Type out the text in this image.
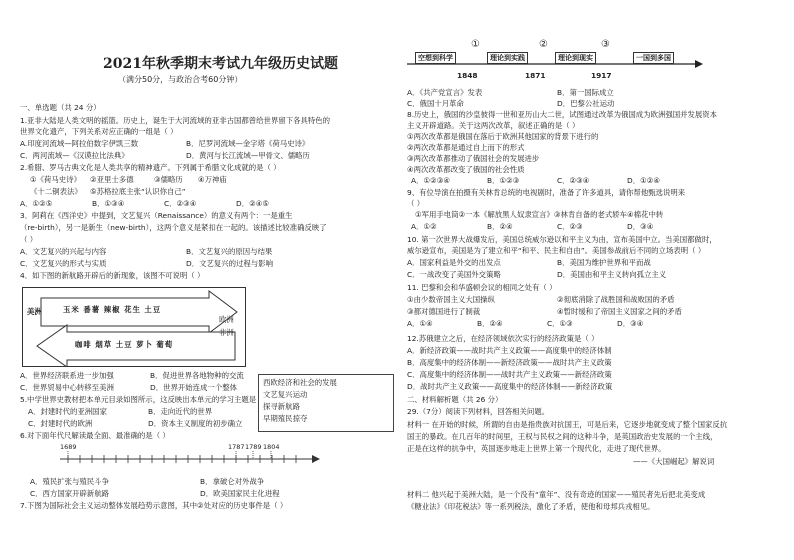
2021年秋季期末考试九年级历史试题
（满分50分，与政治合考60分钟）
一、单选题（共 24 分）
1.亚非大陆是人类文明的摇篮。历史上，诞生于大河流域的亚非古国都曾给世界留下各具特色的
世界文化遗产，下列关系对应正确的一组是（ ）
A.印度河流域—阿拉伯数字伊凯三数	B．尼罗河流域—金字塔《荷马史诗》
C．两河流域—《汉谟拉比法典》	D．黄河与长江流域—甲骨文、儒略历
2.希腊、罗马古典文化是人类共享的精神遗产。下列属于希腊文化成就的是（ ）
①《荷马史诗》 ②亚里士多德	③儒略历 ④万神庙
《十二铜表法》 ⑤苏格拉底主张“认识你自己”
A．①②⑤	B．①③④	C．②③④	D．②④⑤
3．阿莉在《西洋史》中提到，文艺复兴（Renaissance）的意义有两个：一是重生
（re-birth），另一是新生（new-birth），这两个意义是紧扣在一起的。该描述比较准确反映了
（ ）
A．文艺复兴的兴起与内容	B．文艺复兴的原因与结果
C．文艺复兴的形式与实质	D．文艺复兴的过程与影响
4．如下图的新航路开辟后的新现象，该图不可说明（ ）
美洲	玉米 番薯 辣椒 花生 土豆
咖啡 烟草 土豆 萝卜 葡萄
欧洲
非洲
A．世界经济联系进一步加强	B．促进世界各地物种的交流
C．世界贸易中心转移至美洲	D．世界开始连成一个整体
西欧经济和社会的发展
文艺复兴运动
探寻新航路
早期殖民掠夺
5.中学世界史教材把本单元目录如图所示，这反映出本单元的学习主题是
A．封建时代的亚洲国家	B．走向近代的世界
C．封建时代的欧洲	D．资本主义制度的初步确立
6.对下面年代尺解读最全面、最准确的是（ ）
1689	1787 1789 1804
A．殖民扩张与殖民斗争	B．拿破仑对外战争
C．西方国家开辟新航路	D．欧美国家民主化进程
7.下图为国际社会主义运动整体发展趋势示意图，其中②处对应的历史事件是（ ）
空想到科学
①
理论到实践
②
理论到现实
③
一国到多国
1848	1871	1917
A．《共产党宣言》发表	B．第一国际成立
C．俄国十月革命	D．巴黎公社运动
8.历史上，俄国的沙皇彼得一世和亚历山大二世，试图通过改革为俄国成为欧洲强国并发展资本
主义开辟道路。关于这两次改革，叙述正确的是（ ）
①两次改革都是俄国在落后于欧洲其他国家的背景下进行的
②两次改革都是通过自上而下的形式
③两次改革都推动了俄国社会的发展进步
④两次改革都改变了俄国的社会性质
A．①②③④	B．①②③	C．②③④	D．①②④
9、有位导演在拍摄有关林肯总统的电视剧时，准备了许多道具，请你帮他甄选说明来
（ ）
①军用手电筒②一本《解放黑人奴隶宣言》③林肯自备的老式轿车④棉花中转
A．①②	B．②④	C．②③	D．③④
10. 第一次世界大战爆发后，美国总统威尔逊以和平主义为由，宣布美国中立。当美国都做时，
威尔逊宣布，美国是为了建立和平“和平、民主和自由”。美国参战前后不同的立场表明（ ）
A．国家利益是外交的出发点	B．美国为维护世界和平而战
C．一战改变了美国外交策略	D．美国由和平主义转向孤立主义
11. 巴黎和会和华盛顿会议的相同之处有（ ）
①由少数帝国主义大国操纵	②彻底消除了战胜国和战败国的矛盾
③都对德国进行了制裁	④暂时缓和了帝国主义国家之间的矛盾
A．①④	B．②④	C．①③	D．③④
12.苏俄建立之后，在经济领域依次实行的经济政策是（ ）
A．新经济政策——战时共产主义政策——高度集中的经济体制
B．高度集中的经济体制——新经济政策——战时共产主义政策
C．高度集中的经济体制——战时共产主义政策——新经济政策
D．战时共产主义政策——高度集中的经济体制——新经济政策
二、材料解析题（共 26 分）
29.（7分）阅读下列材料，回答相关问题。
材料一 在开始的时候，所谓的自由是指贵族对抗国王，可是后来，它逐步地就变成了整个国家反抗
国王的暴政。在几百年的时间里，王权与民权之间的这种斗争，是英国政治史发展的一个主线，
正是在这样的抗争中，英国逐步地走上世界上第一个现代化，走进了现代世界。
——《大国崛起》解说词
材料二 他兴起于美洲大陆，是一个没有“童年”、没有奇迹的国家——殖民者先后把北美变成
《糖业法》《印花税法》等一系列税法，激化了矛盾，使他和母邦兵戎相见。
